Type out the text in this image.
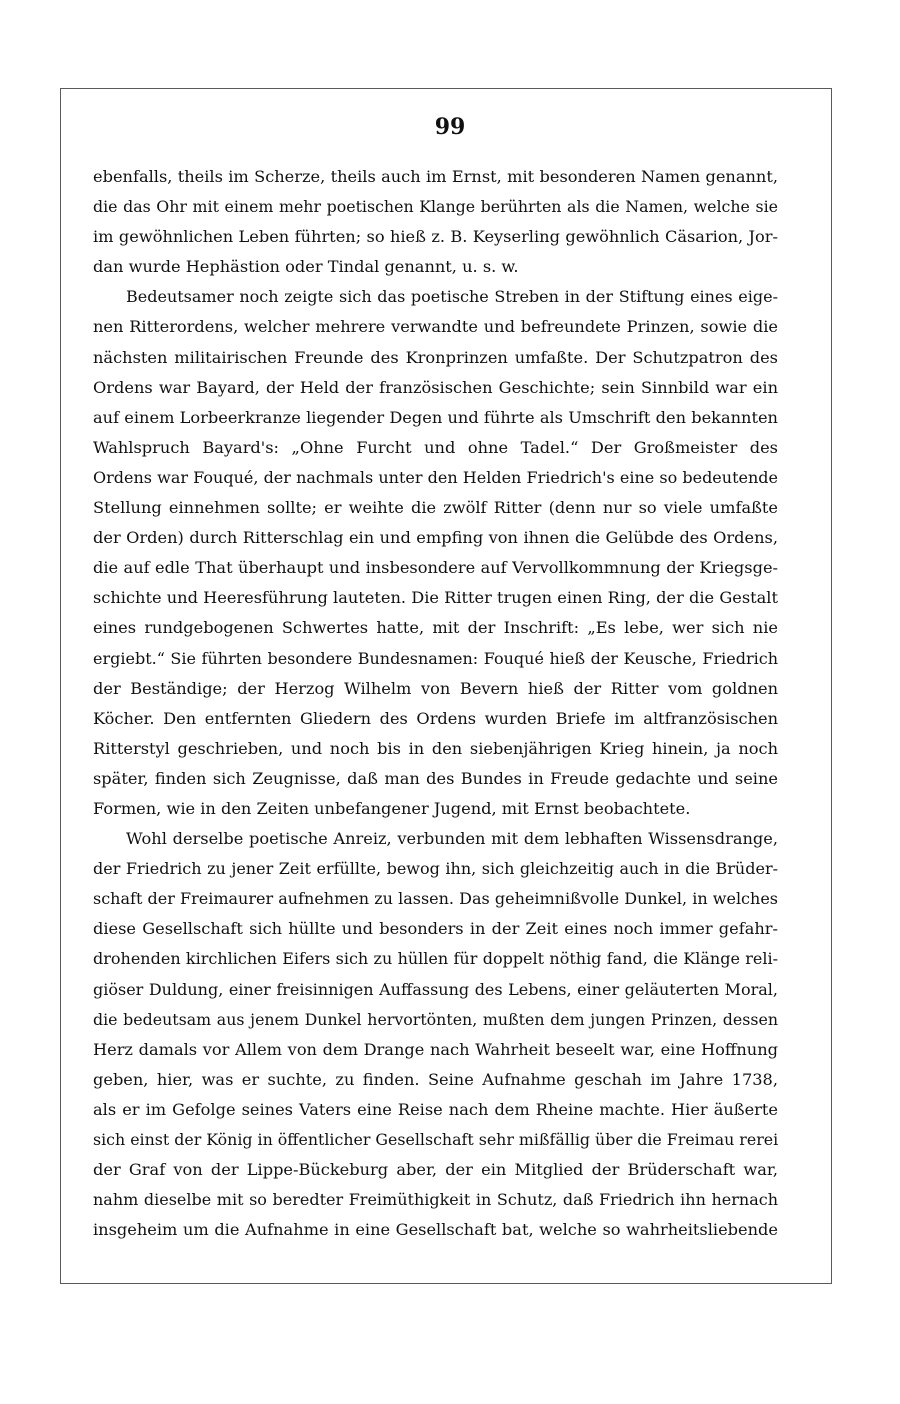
99
ebenfalls, theils im Scherze, theils auch im Ernst, mit besonderen Namen genannt,
die das Ohr mit einem mehr poetischen Klange berührten als die Namen, welche sie
im gewöhnlichen Leben führten; so hieß z. B. Keyserling gewöhnlich Cäsarion, Jor-
dan wurde Hephästion oder Tindal genannt, u. s. w.
Bedeutsamer noch zeigte sich das poetische Streben in der Stiftung eines eige-
nen Ritterordens, welcher mehrere verwandte und befreundete Prinzen, sowie die
nächsten militairischen Freunde des Kronprinzen umfaßte. Der Schutzpatron des
Ordens war Bayard, der Held der französischen Geschichte; sein Sinnbild war ein
auf einem Lorbeerkranze liegender Degen und führte als Umschrift den bekannten
Wahlspruch Bayard's: „Ohne Furcht und ohne Tadel.“ Der Großmeister des
Ordens war Fouqué, der nachmals unter den Helden Friedrich's eine so bedeutende
Stellung einnehmen sollte; er weihte die zwölf Ritter (denn nur so viele umfaßte
der Orden) durch Ritterschlag ein und empfing von ihnen die Gelübde des Ordens,
die auf edle That überhaupt und insbesondere auf Vervollkommnung der Kriegsge-
schichte und Heeresführung lauteten. Die Ritter trugen einen Ring, der die Gestalt
eines rundgebogenen Schwertes hatte, mit der Inschrift: „Es lebe, wer sich nie
ergiebt.“ Sie führten besondere Bundesnamen: Fouqué hieß der Keusche, Friedrich
der Beständige; der Herzog Wilhelm von Bevern hieß der Ritter vom goldnen
Köcher. Den entfernten Gliedern des Ordens wurden Briefe im altfranzösischen
Ritterstyl geschrieben, und noch bis in den siebenjährigen Krieg hinein, ja noch
später, finden sich Zeugnisse, daß man des Bundes in Freude gedachte und seine
Formen, wie in den Zeiten unbefangener Jugend, mit Ernst beobachtete.
Wohl derselbe poetische Anreiz, verbunden mit dem lebhaften Wissensdrange,
der Friedrich zu jener Zeit erfüllte, bewog ihn, sich gleichzeitig auch in die Brüder-
schaft der Freimaurer aufnehmen zu lassen. Das geheimnißvolle Dunkel, in welches
diese Gesellschaft sich hüllte und besonders in der Zeit eines noch immer gefahr-
drohenden kirchlichen Eifers sich zu hüllen für doppelt nöthig fand, die Klänge reli-
giöser Duldung, einer freisinnigen Auffassung des Lebens, einer geläuterten Moral,
die bedeutsam aus jenem Dunkel hervortönten, mußten dem jungen Prinzen, dessen
Herz damals vor Allem von dem Drange nach Wahrheit beseelt war, eine Hoffnung
geben, hier, was er suchte, zu finden. Seine Aufnahme geschah im Jahre 1738,
als er im Gefolge seines Vaters eine Reise nach dem Rheine machte. Hier äußerte
sich einst der König in öffentlicher Gesellschaft sehr mißfällig über die Freimau rerei
der Graf von der Lippe-Bückeburg aber, der ein Mitglied der Brüderschaft war,
nahm dieselbe mit so beredter Freimüthigkeit in Schutz, daß Friedrich ihn hernach
insgeheim um die Aufnahme in eine Gesellschaft bat, welche so wahrheitsliebende
